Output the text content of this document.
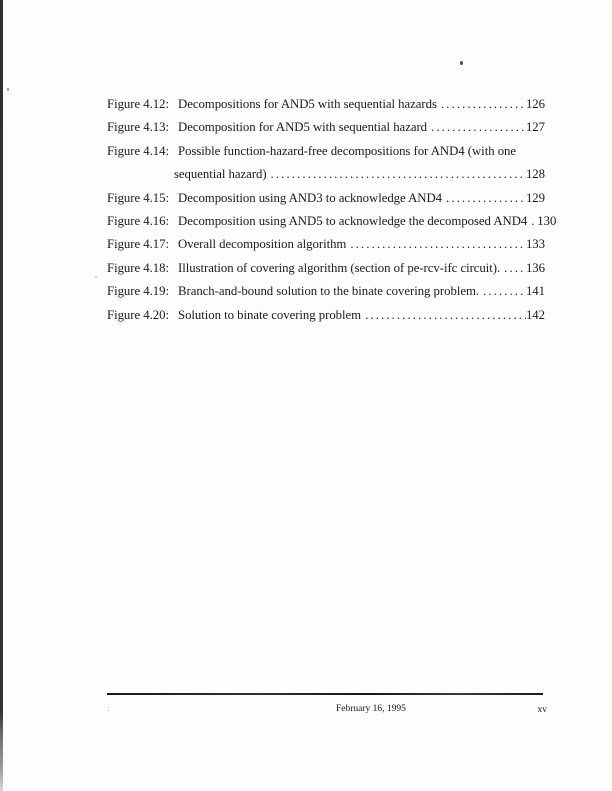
Figure 4.12: Decompositions for AND5 with sequential hazards .....	126
Figure 4.13: Decomposition for AND5 with sequential hazard .....	127
Figure 4.14: Possible function-hazard-free decompositions for AND4 (with one
sequential hazard) .....	128
Figure 4.15: Decomposition using AND3 to acknowledge AND4 .....	129
Figure 4.16: Decomposition using AND5 to acknowledge the decomposed AND4 ..... 130
Figure 4.17: Overall decomposition algorithm .....	133
Figure 4.18: Illustration of covering algorithm (section of pe-rcv-ifc circuit). ..... 136
Figure 4.19: Branch-and-bound solution to the binate covering problem. .....	141
Figure 4.20: Solution to binate covering problem .....	142
:	February 16, 1995	xv
